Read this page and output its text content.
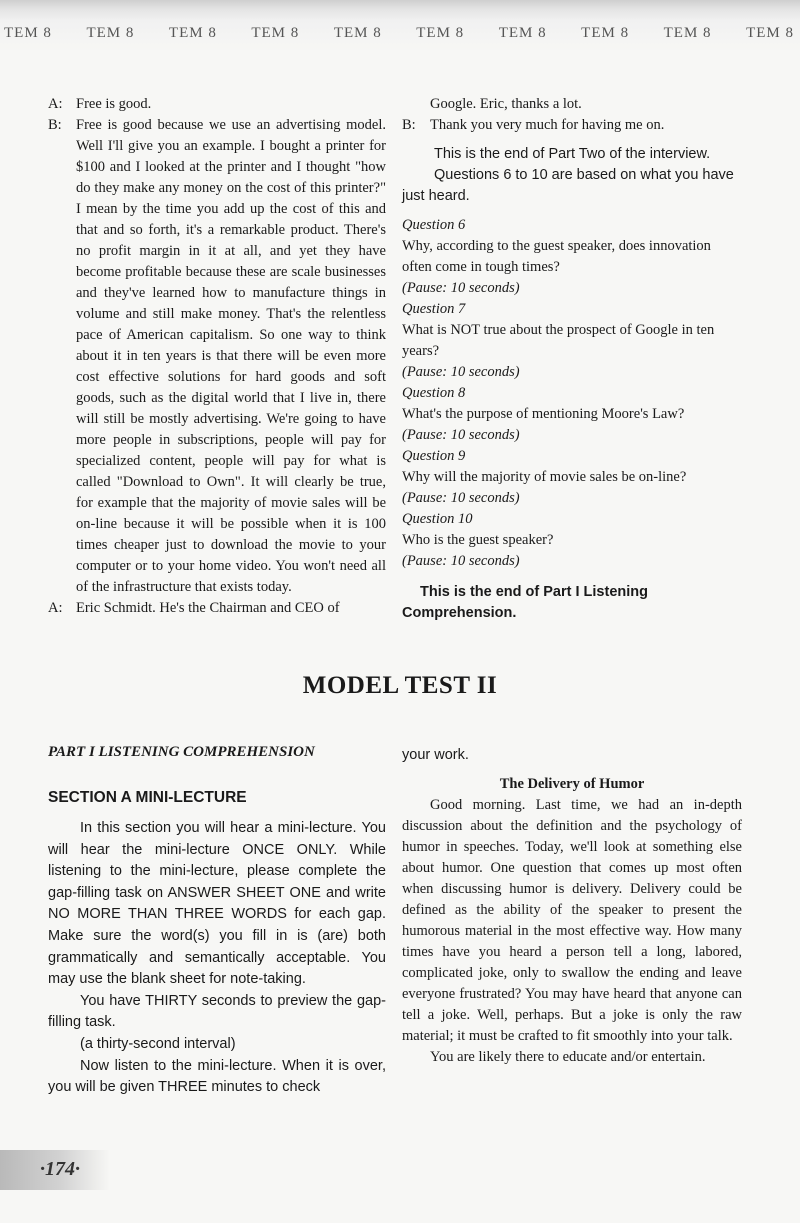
TEM 8 TEM 8 TEM 8 TEM 8 TEM 8 TEM 8 TEM 8 TEM 8 TEM 8 TEM 8
A: Free is good.
B: Free is good because we use an advertising model. Well I'll give you an example. I bought a printer for $100 and I looked at the printer and I thought "how do they make any money on the cost of this printer?" I mean by the time you add up the cost of this and that and so forth, it's a remarkable product. There's no profit margin in it at all, and yet they have become profitable because these are scale businesses and they've learned how to manufacture things in volume and still make money. That's the relentless pace of American capitalism. So one way to think about it in ten years is that there will be even more cost effective solutions for hard goods and soft goods, such as the digital world that I live in, there will still be mostly advertising. We're going to have more people in subscriptions, people will pay for specialized content, people will pay for what is called "Download to Own". It will clearly be true, for example that the majority of movie sales will be on-line because it will be possible when it is 100 times cheaper just to download the movie to your computer or to your home video. You won't need all of the infrastructure that exists today.
A: Eric Schmidt. He's the Chairman and CEO of
Google. Eric, thanks a lot.
B: Thank you very much for having me on.

This is the end of Part Two of the interview.

Questions 6 to 10 are based on what you have just heard.

Question 6
Why, according to the guest speaker, does innovation often come in tough times?
(Pause: 10 seconds)
Question 7
What is NOT true about the prospect of Google in ten years?
(Pause: 10 seconds)
Question 8
What's the purpose of mentioning Moore's Law?
(Pause: 10 seconds)
Question 9
Why will the majority of movie sales be on-line?
(Pause: 10 seconds)
Question 10
Who is the guest speaker?
(Pause: 10 seconds)
This is the end of Part I Listening Comprehension.
MODEL TEST II
PART I LISTENING COMPREHENSION
SECTION A MINI-LECTURE

In this section you will hear a mini-lecture. You will hear the mini-lecture ONCE ONLY. While listening to the mini-lecture, please complete the gap-filling task on ANSWER SHEET ONE and write NO MORE THAN THREE WORDS for each gap. Make sure the word(s) you fill in is (are) both grammatically and semantically acceptable. You may use the blank sheet for note-taking.

You have THIRTY seconds to preview the gap-filling task.

(a thirty-second interval)

Now listen to the mini-lecture. When it is over, you will be given THREE minutes to check

your work.
The Delivery of Humor

Good morning. Last time, we had an in-depth discussion about the definition and the psychology of humor in speeches. Today, we'll look at something else about humor. One question that comes up most often when discussing humor is delivery. Delivery could be defined as the ability of the speaker to present the humorous material in the most effective way. How many times have you heard a person tell a long, labored, complicated joke, only to swallow the ending and leave everyone frustrated? You may have heard that anyone can tell a joke. Well, perhaps. But a joke is only the raw material; it must be crafted to fit smoothly into your talk.

You are likely there to educate and/or entertain.

·174·
